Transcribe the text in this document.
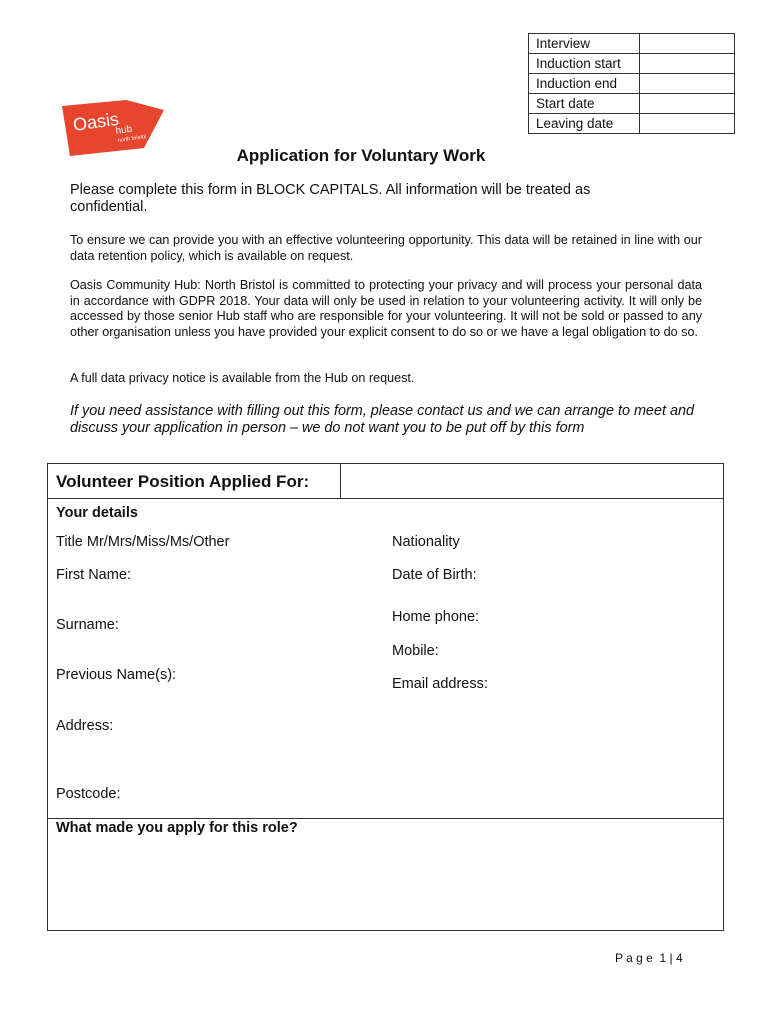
Interview	
Induction start	
Induction end	
Start date	
Leaving date	
Oasis
hub
north bristol
Application for Voluntary Work
Please complete this form in BLOCK CAPITALS. All information will be treated as confidential.
To ensure we can provide you with an effective volunteering opportunity. This data will be retained in line with our data retention policy, which is available on request.
Oasis Community Hub: North Bristol is committed to protecting your privacy and will process your personal data in accordance with GDPR 2018. Your data will only be used in relation to your volunteering activity. It will only be accessed by those senior Hub staff who are responsible for your volunteering. It will not be sold or passed to any other organisation unless you have provided your explicit consent to do so or we have a legal obligation to do so.
A full data privacy notice is available from the Hub on request.
If you need assistance with filling out this form, please contact us and we can arrange to meet and discuss your application in person – we do not want you to be put off by this form
Volunteer Position Applied For:
Your details
Title Mr/Mrs/Miss/Ms/Other	Nationality
First Name:	Date of Birth:
Home phone:
Surname:
Mobile:
Previous Name(s):
Email address:
Address:
Postcode:
What made you apply for this role?
P a g e  1 | 4
